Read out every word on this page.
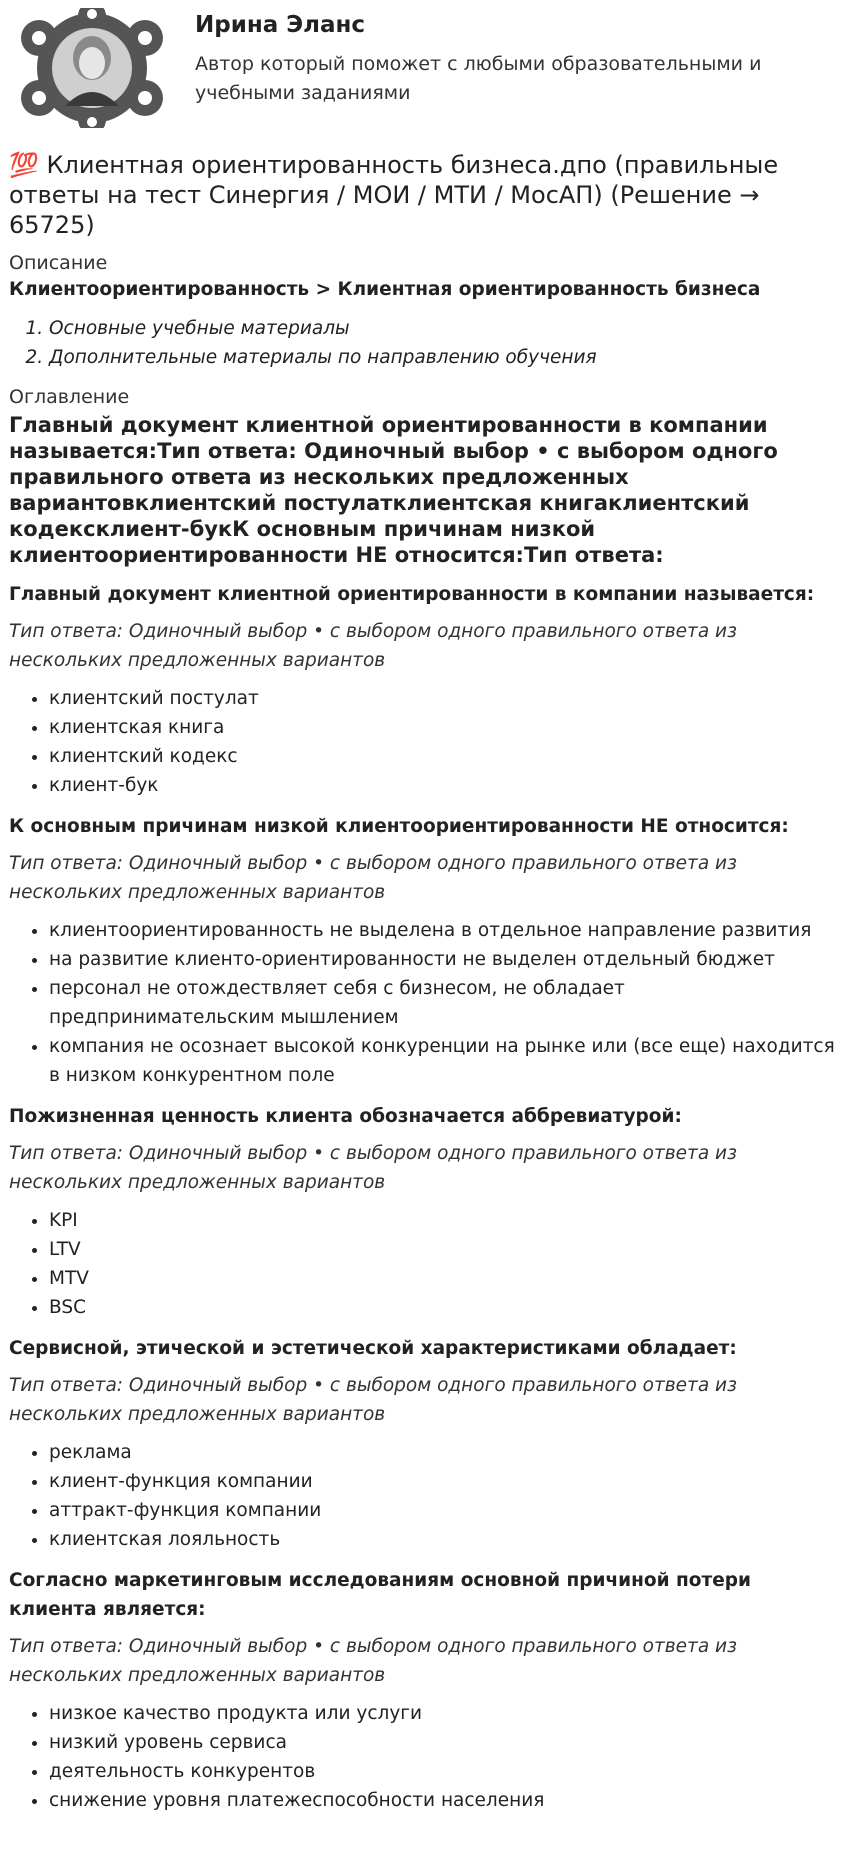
Ирина Эланс
Автор который поможет с любыми образовательными и учебными заданиями
💯 Клиентная ориентированность бизнеса.дпо (правильные ответы на тест Синергия / МОИ / МТИ / МосАП) (Решение → 65725)
Описание
Клиентоориентированность > Клиентная ориентированность бизнеса
1. Основные учебные материалы
2. Дополнительные материалы по направлению обучения
Оглавление
Главный документ клиентной ориентированности в компании называется:Тип ответа: Одиночный выбор • с выбором одного правильного ответа из нескольких предложенных вариантовклиентский постулатклиентская книгаклиентский кодексклиент-букК основным причинам низкой клиентоориентированности НЕ относится:Тип ответа:
Главный документ клиентной ориентированности в компании называется:
Тип ответа: Одиночный выбор • с выбором одного правильного ответа из нескольких предложенных вариантов
• клиентский постулат
• клиентская книга
• клиентский кодекс
• клиент-бук
К основным причинам низкой клиентоориентированности НЕ относится:
Тип ответа: Одиночный выбор • с выбором одного правильного ответа из нескольких предложенных вариантов
• клиентоориентированность не выделена в отдельное направление развития
• на развитие клиенто-ориентированности не выделен отдельный бюджет
• персонал не отождествляет себя с бизнесом, не обладает предпринимательским мышлением
• компания не осознает высокой конкуренции на рынке или (все еще) находится в низком конкурентном поле
Пожизненная ценность клиента обозначается аббревиатурой:
Тип ответа: Одиночный выбор • с выбором одного правильного ответа из нескольких предложенных вариантов
• KPI
• LTV
• MTV
• BSC
Сервисной, этической и эстетической характеристиками обладает:
Тип ответа: Одиночный выбор • с выбором одного правильного ответа из нескольких предложенных вариантов
• реклама
• клиент-функция компании
• аттракт-функция компании
• клиентская лояльность
Согласно маркетинговым исследованиям основной причиной потери клиента является:
Тип ответа: Одиночный выбор • с выбором одного правильного ответа из нескольких предложенных вариантов
• низкое качество продукта или услуги
• низкий уровень сервиса
• деятельность конкурентов
• снижение уровня платежеспособности населения
